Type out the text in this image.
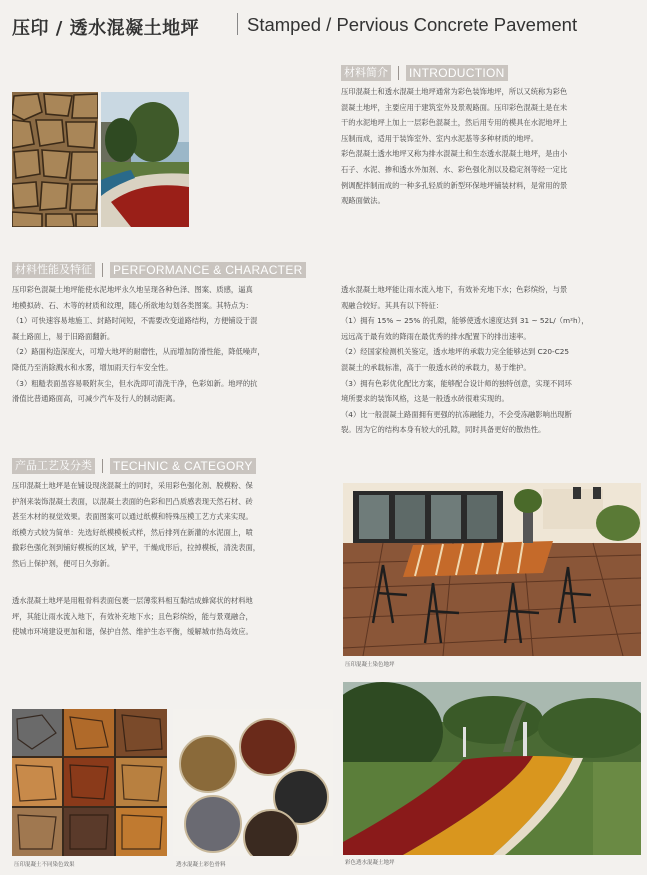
压印 / 透水混凝土地坪	Stamped / Pervious Concrete Pavement
材料简介 INTRODUCTION

压印混凝土和透水混凝土地坪通常为彩色装饰地坪，所以又统称为彩色

混凝土地坪，主要应用于建筑室外及景观路面。压印彩色混凝土是在未

干的水泥地坪上加上一层彩色混凝土，然后用专用的模具在水泥地坪上

压制而成，适用于装饰室外、室内水泥基等多种材质的地坪。

彩色混凝土透水地坪又称为排水混凝土和生态透水混凝土地坪，是由小

石子、水泥、掺和透水外加剂、水、彩色强化剂以及稳定剂等经一定比

例调配拌制而成的一种多孔轻质的新型环保地坪铺装材料，是常用的景

观路面做法。

材料性能及特征 PERFORMANCE & CHARACTER

压印彩色混凝土地坪能使水泥地坪永久地呈现各种色泽、图案、质感，逼真

地模拟砖、石、木等的材质和纹理，随心所欲地勾划各类图案。其特点为：

（1）可快速容易地施工、封路时间短，不需要改变道路结构，方便铺设于混

凝土路面上，易于旧路面翻新。

（2）路面构造深度大，可增大地坪的耐磨性，从而增加防滑性能，降低噪声，

降低乃至消除溅水和水雾，增加雨天行车安全性。

（3）粗糙表面虽容易吸附灰尘，但水洗即可清洗干净，色彩如新。地坪的抗

滑值比普通路面高，可减少汽车及行人的制动距离。

透水混凝土地坪能让雨水流入地下，有效补充地下水；色彩缤纷，与景

观融合较好。其具有以下特征：

（1）拥有 15% ~ 25% 的孔隙，能够使透水速度达到 31 ~ 52L/（m²h），

远远高于最有效的降雨在最优秀的排水配置下的排出速率。

（2）经国家检测机关鉴定，透水地坪的承载力完全能够达到 C20-C25

混凝土的承载标准，高于一般透水砖的承载力，易于维护。

（3）拥有色彩优化配比方案，能够配合设计师的独特创意，实现不同环

境所要求的装饰风格，这是一般透水砖很难实现的。

（4）比一般混凝土路面拥有更强的抗冻融能力，不会受冻融影响出现断

裂。因为它的结构本身有较大的孔隙，同时具备更好的散热性。

产品工艺及分类 TECHNIC & CATEGORY

压印混凝土地坪是在铺设现浇混凝土的同时，采用彩色强化剂、脱模粉、保

护剂来装饰混凝土表面，以混凝土表面的色彩和凹凸质感表现天然石材、砖

甚至木材的视觉效果。表面图案可以通过纸模和特殊压模工艺方式来实现。

纸模方式较为简单：先选好纸模模板式样，然后排列在新灌的水泥面上，喷

撒彩色强化剂到铺好模板的区域，铲平，干燥成形后，拉掉模板，清洗表面，

然后上保护剂，便可日久弥新。

透水混凝土地坪是用粗骨料表面包裹一层薄浆料相互黏结成蜂窝状的材料地

坪，其能让雨水流入地下，有效补充地下水；且色彩缤纷，能与景观融合，

使城市环境建设更加和谐，保护自然、维护生态平衡，缓解城市热岛效应。

压印混凝土染色地坪
彩色透水混凝土地坪
压印混凝土不同染色效果	透水混凝土彩色骨料
